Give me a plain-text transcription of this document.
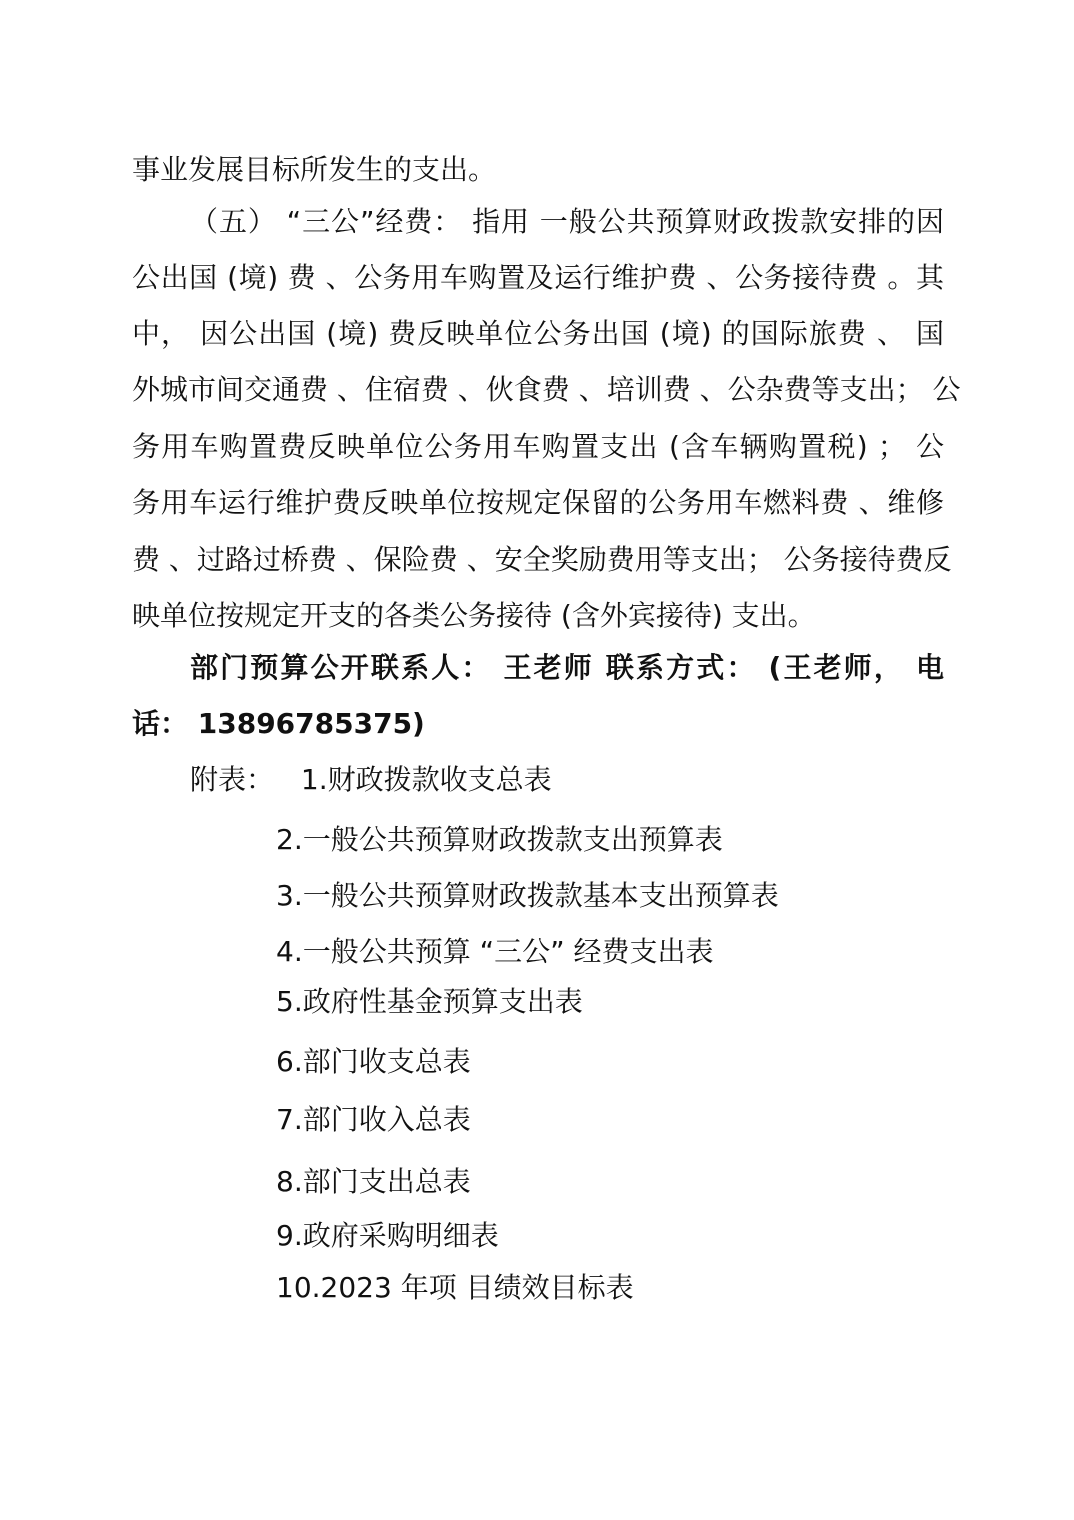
事业发展目标所发生的支出。
（五） “三公”经费： 指用 一般公共预算财政拨款安排的因
公出国 (境) 费 、公务用车购置及运行维护费 、公务接待费 。其
中， 因公出国 (境) 费反映单位公务出国 (境) 的国际旅费 、 国
外城市间交通费 、住宿费 、伙食费 、培训费 、公杂费等支出； 公
务用车购置费反映单位公务用车购置支出 (含车辆购置税) ； 公
务用车运行维护费反映单位按规定保留的公务用车燃料费 、维修
费 、过路过桥费 、保险费 、安全奖励费用等支出； 公务接待费反
映单位按规定开支的各类公务接待 (含外宾接待) 支出。
部门预算公开联系人： 王老师 联系方式： (王老师， 电
话： 13896785375)
附表： 1.财政拨款收支总表
2.一般公共预算财政拨款支出预算表
3.一般公共预算财政拨款基本支出预算表
4.一般公共预算 “三公” 经费支出表
5.政府性基金预算支出表
6.部门收支总表
7.部门收入总表
8.部门支出总表
9.政府采购明细表
10.2023 年项 目绩效目标表
